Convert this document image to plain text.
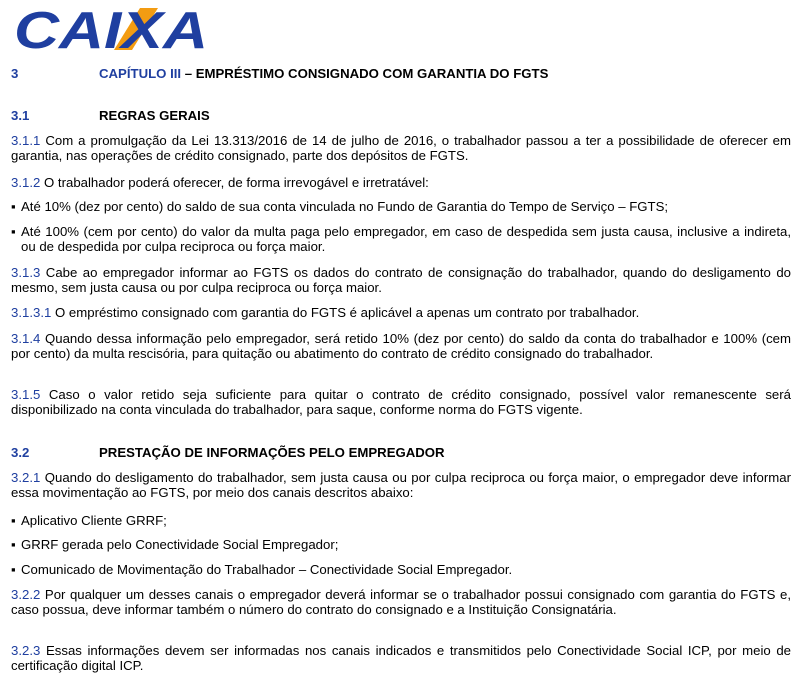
CAIXA
3	CAPÍTULO III – EMPRÉSTIMO CONSIGNADO COM GARANTIA DO FGTS
3.1	REGRAS GERAIS
3.1.1 Com a promulgação da Lei 13.313/2016 de 14 de julho de 2016, o trabalhador passou a ter a possibilidade de oferecer em garantia, nas operações de crédito consignado, parte dos depósitos de FGTS.
3.1.2 O trabalhador poderá oferecer, de forma irrevogável e irretratável:
▪ Até 10% (dez por cento) do saldo de sua conta vinculada no Fundo de Garantia do Tempo de Serviço – FGTS;
▪ Até 100% (cem por cento) do valor da multa paga pelo empregador, em caso de despedida sem justa causa, inclusive a indireta, ou de despedida por culpa reciproca ou força maior.
3.1.3 Cabe ao empregador informar ao FGTS os dados do contrato de consignação do trabalhador, quando do desligamento do mesmo, sem justa causa ou por culpa reciproca ou força maior.
3.1.3.1 O empréstimo consignado com garantia do FGTS é aplicável a apenas um contrato por trabalhador.
3.1.4 Quando dessa informação pelo empregador, será retido 10% (dez por cento) do saldo da conta do trabalhador e 100% (cem por cento) da multa rescisória, para quitação ou abatimento do contrato de crédito consignado do trabalhador.
3.1.5 Caso o valor retido seja suficiente para quitar o contrato de crédito consignado, possível valor remanescente será disponibilizado na conta vinculada do trabalhador, para saque, conforme norma do FGTS vigente.
3.2	PRESTAÇÃO DE INFORMAÇÕES PELO EMPREGADOR
3.2.1 Quando do desligamento do trabalhador, sem justa causa ou por culpa reciproca ou força maior, o empregador deve informar essa movimentação ao FGTS, por meio dos canais descritos abaixo:
▪ Aplicativo Cliente GRRF;
▪ GRRF gerada pelo Conectividade Social Empregador;
▪ Comunicado de Movimentação do Trabalhador – Conectividade Social Empregador.
3.2.2 Por qualquer um desses canais o empregador deverá informar se o trabalhador possui consignado com garantia do FGTS e, caso possua, deve informar também o número do contrato do consignado e a Instituição Consignatária.
3.2.3 Essas informações devem ser informadas nos canais indicados e transmitidos pelo Conectividade Social ICP, por meio de certificação digital ICP.
